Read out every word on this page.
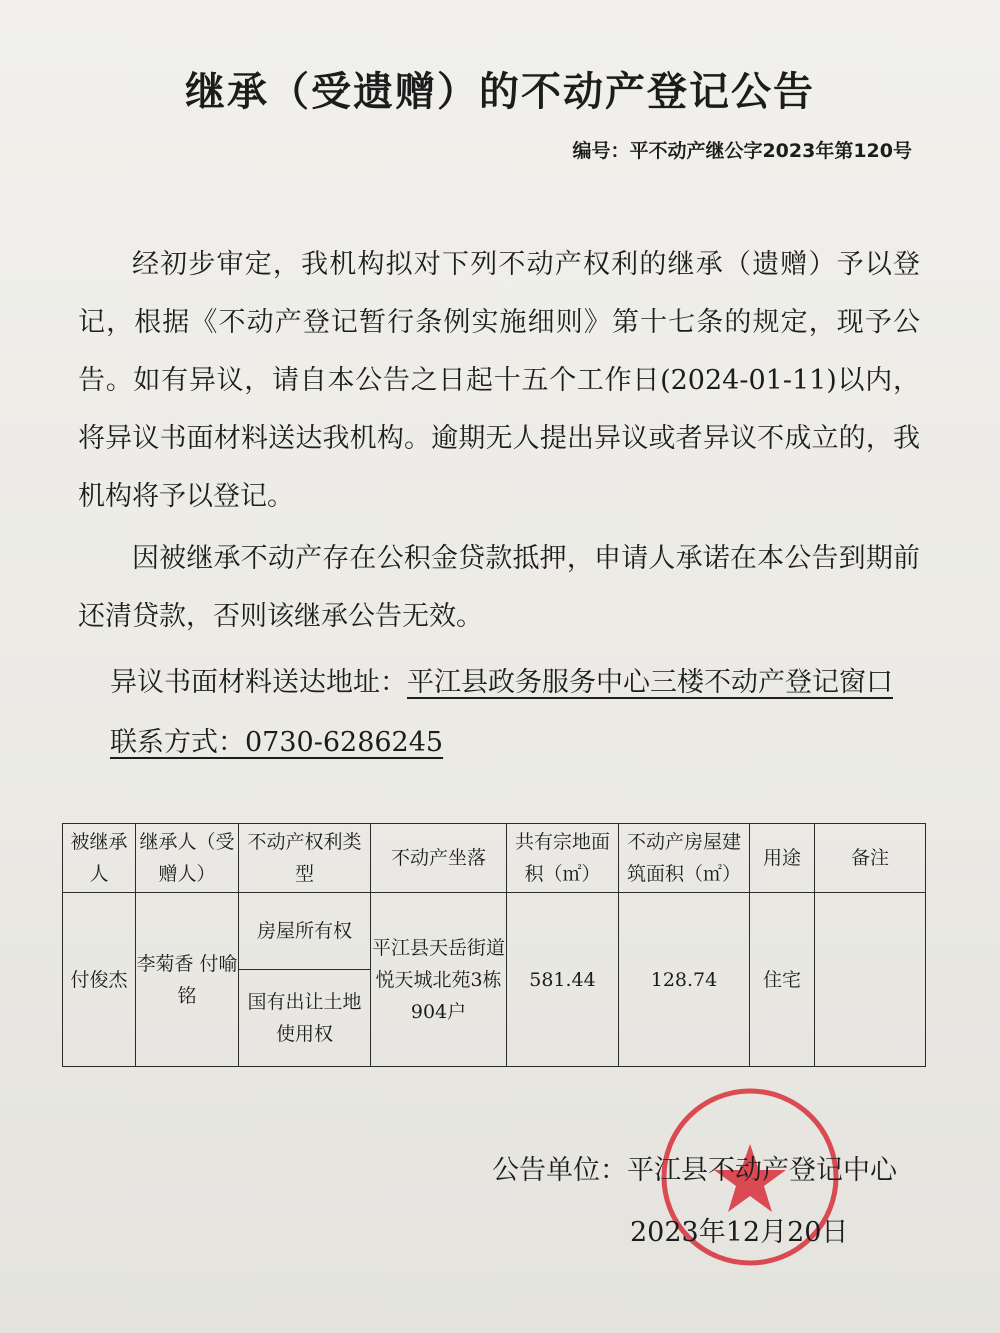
继承（受遗赠）的不动产登记公告
编号：平不动产继公字2023年第120号
经初步审定，我机构拟对下列不动产权利的继承（遗赠）予以登记，根据《不动产登记暂行条例实施细则》第十七条的规定，现予公告。如有异议，请自本公告之日起十五个工作日(2024-01-11)以内，将异议书面材料送达我机构。逾期无人提出异议或者异议不成立的，我机构将予以登记。
因被继承不动产存在公积金贷款抵押，申请人承诺在本公告到期前还清贷款，否则该继承公告无效。
异议书面材料送达地址：平江县政务服务中心三楼不动产登记窗口
联系方式：0730-6286245
被继承人	继承人（受赠人）	不动产权利类型	不动产坐落	共有宗地面积（㎡）	不动产房屋建筑面积（㎡）	用途	备注
付俊杰	李菊香 付喻铭	房屋所有权	平江县天岳街道悦天城北苑3栋904户	581.44	128.74	住宅	
		国有出让土地使用权					
公告单位：平江县不动产登记中心
2023年12月20日
